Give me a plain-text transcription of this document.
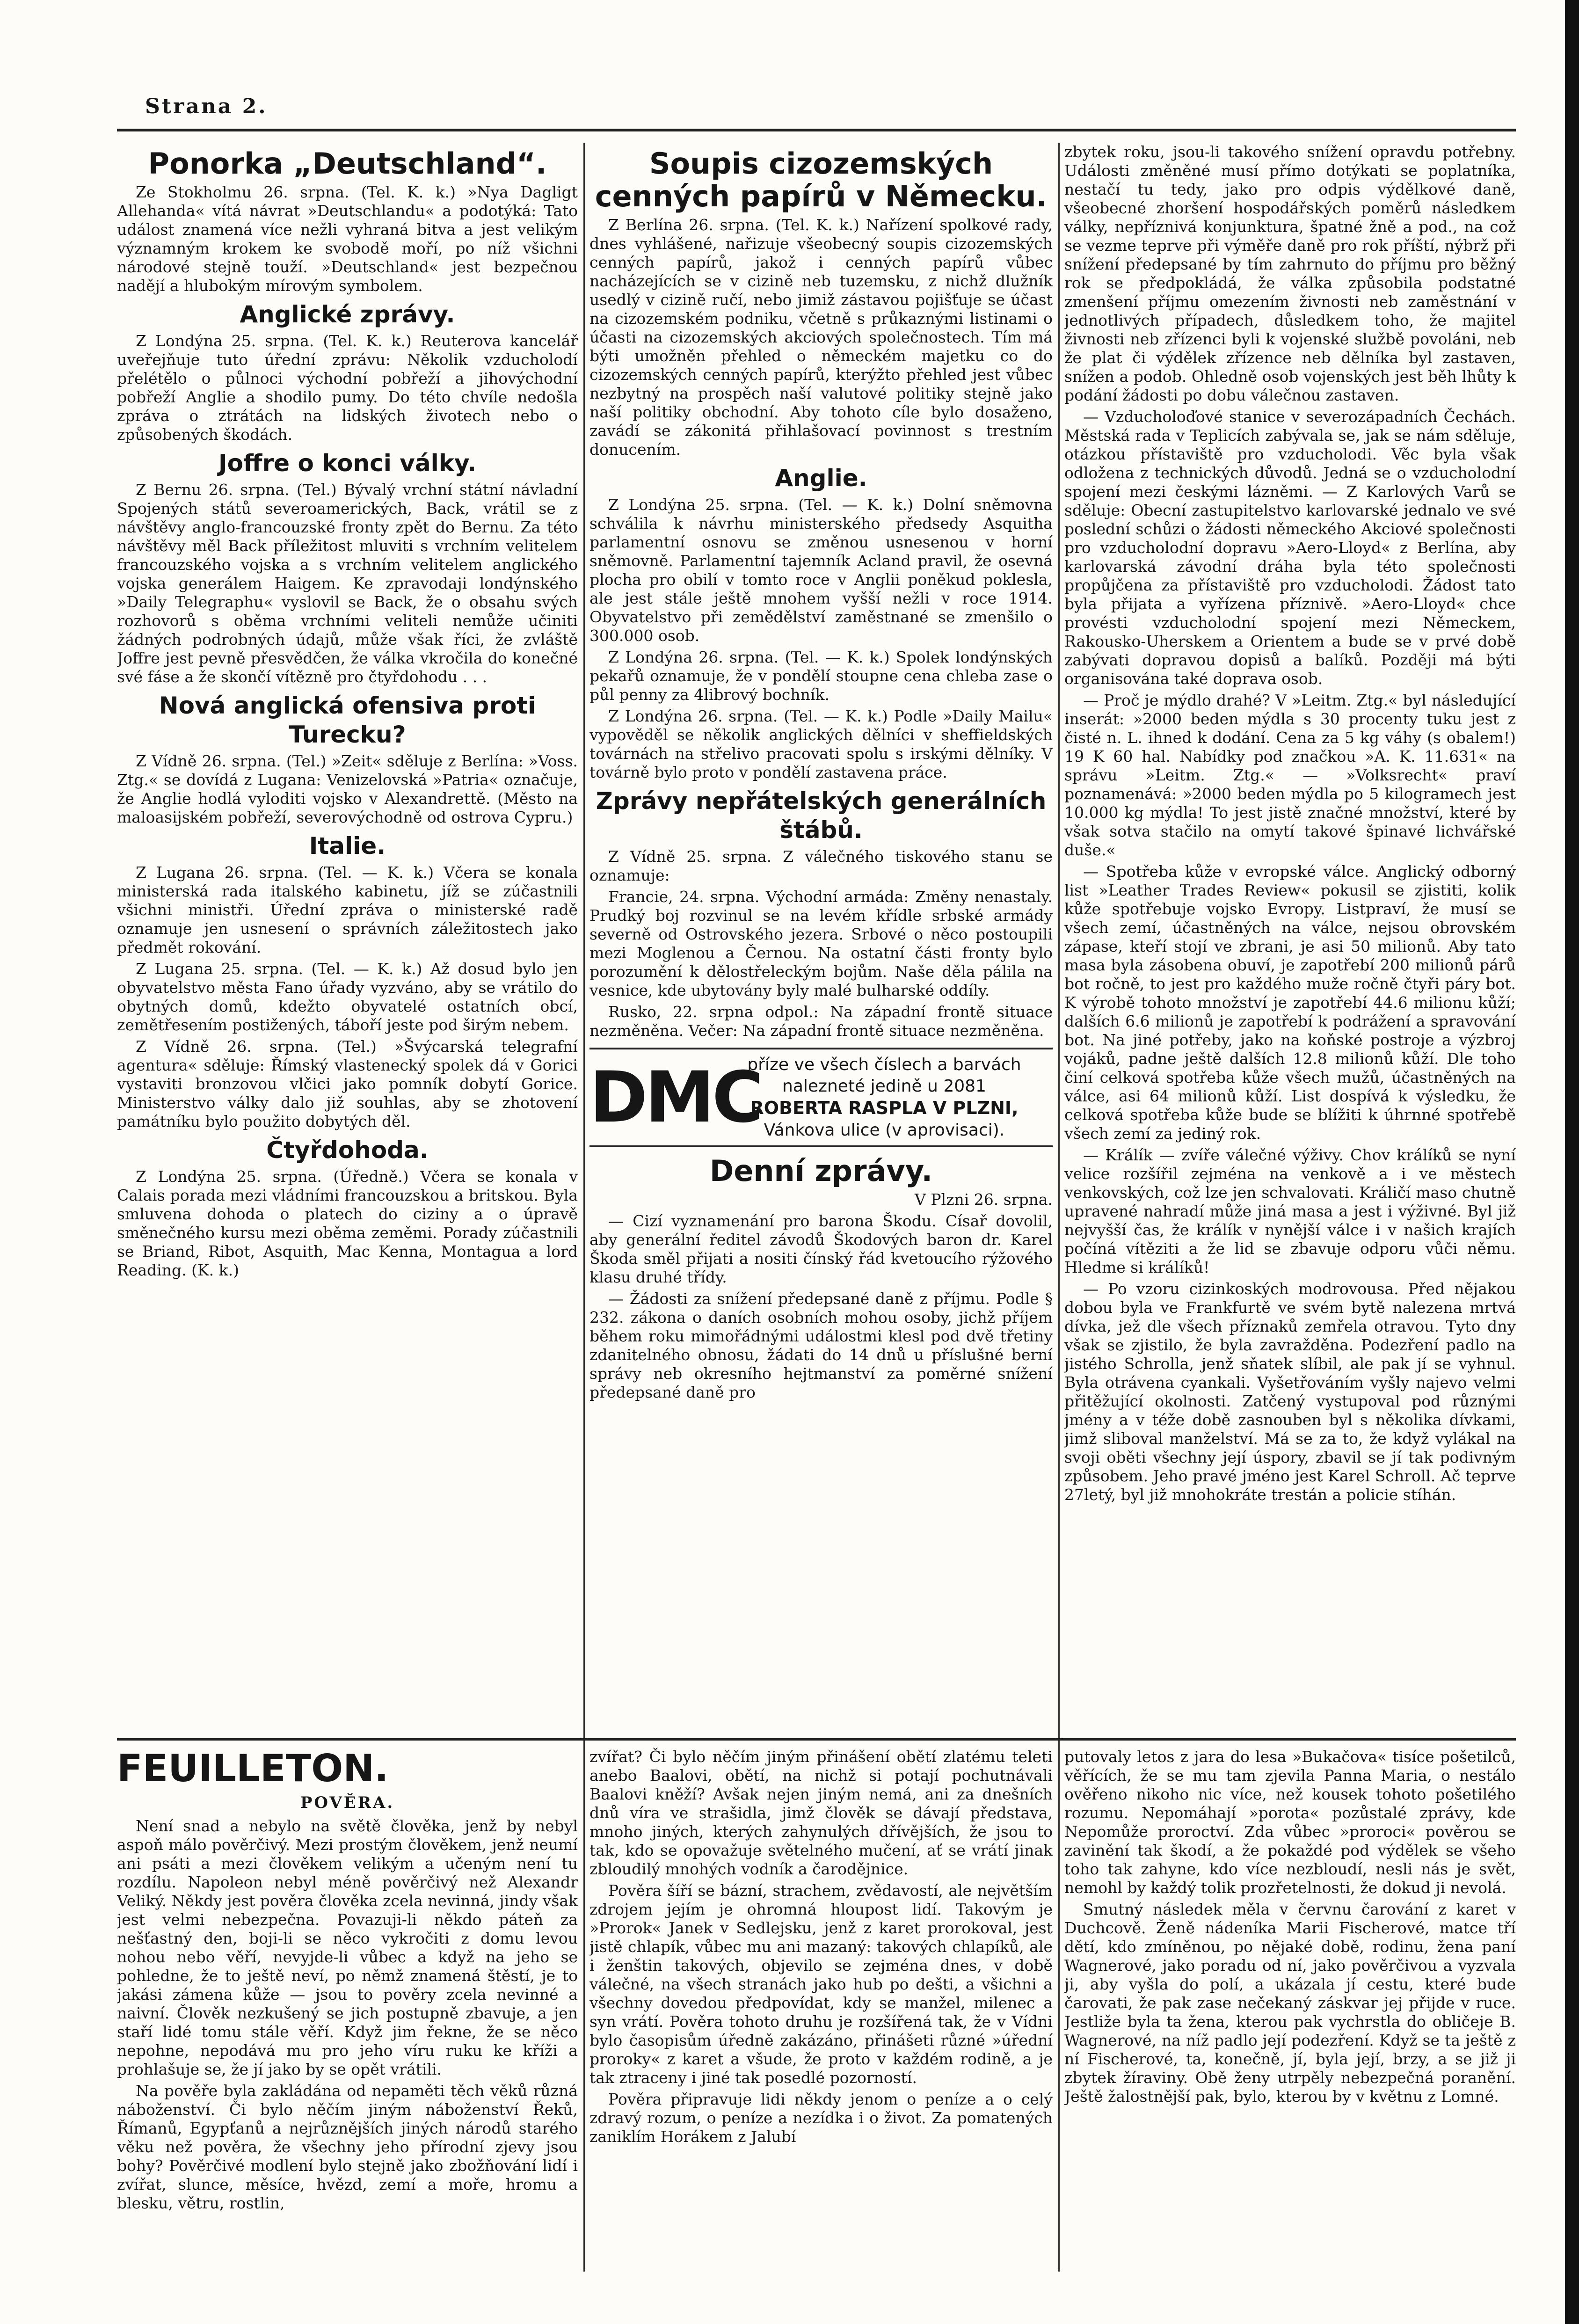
Strana 2.
Ponorka „Deutschland“.

Ze Stokholmu 26. srpna. (Tel. K. k.) »Nya Dagligt Allehanda« vítá návrat »Deutschlandu« a podotýká: Tato událost znamená více nežli vyhraná bitva a jest velikým významným krokem ke svobodě moří, po níž všichni národové stejně touží. »Deutschland« jest bezpečnou nadějí a hlubokým mírovým symbolem.

Anglické zprávy.

Z Londýna 25. srpna. (Tel. K. k.) Reuterova kancelář uveřejňuje tuto úřední zprávu: Několik vzducholodí přelétělo o půlnoci východní pobřeží a jihovýchodní pobřeží Anglie a shodilo pumy. Do této chvíle nedošla zpráva o ztrátách na lidských životech nebo o způsobených škodách.

Joffre o konci války.

Z Bernu 26. srpna. (Tel.) Bývalý vrchní státní návladní Spojených států severoamerických, Back, vrátil se z návštěvy anglo-francouzské fronty zpět do Bernu. Za této návštěvy měl Back příležitost mluviti s vrchním velitelem francouzského vojska a s vrchním velitelem anglického vojska generálem Haigem. Ke zpravodaji londýnského »Daily Telegraphu« vyslovil se Back, že o obsahu svých rozhovorů s oběma vrchními veliteli nemůže učiniti žádných podrobných údajů, může však říci, že zvláště Joffre jest pevně přesvědčen, že válka vkročila do konečné své fáse a že skončí vítězně pro čtyřdohodu . . .

Nová anglická ofensiva proti Turecku?

Z Vídně 26. srpna. (Tel.) »Zeit« sděluje z Berlína: »Voss. Ztg.« se dovídá z Lugana: Venizelovská »Patria« označuje, že Anglie hodlá vyloditi vojsko v Alexandrettě. (Město na maloasijském pobřeží, severovýchodně od ostrova Cypru.)

Italie.

Z Lugana 26. srpna. (Tel. — K. k.) Včera se konala ministerská rada italského kabinetu, jíž se zúčastnili všichni ministři. Úřední zpráva o ministerské radě oznamuje jen usnesení o správních záležitostech jako předmět rokování.

Z Lugana 25. srpna. (Tel. — K. k.) Až dosud bylo jen obyvatelstvo města Fano úřady vyzváno, aby se vrátilo do obytných domů, kdežto obyvatelé ostatních obcí, zemětřesením postižených, táboří jeste pod širým nebem.

Z Vídně 26. srpna. (Tel.) »Švýcarská telegrafní agentura« sděluje: Římský vlastenecký spolek dá v Gorici vystaviti bronzovou vlčici jako pomník dobytí Gorice. Ministerstvo války dalo již souhlas, aby se zhotovení památníku bylo použito dobytých děl.

Čtyřdohoda.

Z Londýna 25. srpna. (Úředně.) Včera se konala v Calais porada mezi vládními francouzskou a britskou. Byla smluvena dohoda o platech do ciziny a o úpravě směnečného kursu mezi oběma zeměmi. Porady zúčastnili se Briand, Ribot, Asquith, Mac Kenna, Montagua a lord Reading. (K. k.)

Soupis cizozemských cenných papírů v Německu.

Z Berlína 26. srpna. (Tel. K. k.) Nařízení spolkové rady, dnes vyhlášené, nařizuje všeobecný soupis cizozemských cenných papírů, jakož i cenných papírů vůbec nacházejících se v cizině neb tuzemsku, z nichž dlužník usedlý v cizině ručí, nebo jimiž zástavou pojišťuje se účast na cizozemském podniku, včetně s průkaznými listinami o účasti na cizozemských akciových společnostech. Tím má býti umožněn přehled o německém majetku co do cizozemských cenných papírů, kterýžto přehled jest vůbec nezbytný na prospěch naší valutové politiky stejně jako naší politiky obchodní. Aby tohoto cíle bylo dosaženo, zavádí se zákonitá přihlašovací povinnost s trestním donucením.

Anglie.

Z Londýna 25. srpna. (Tel. — K. k.) Dolní sněmovna schválila k návrhu ministerského předsedy Asquitha parlamentní osnovu se změnou usnesenou v horní sněmovně. Parlamentní tajemník Acland pravil, že osevná plocha pro obilí v tomto roce v Anglii poněkud poklesla, ale jest stále ještě mnohem vyšší nežli v roce 1914. Obyvatelstvo při zemědělství zaměstnané se zmenšilo o 300.000 osob.

Z Londýna 26. srpna. (Tel. — K. k.) Spolek londýnských pekařů oznamuje, že v pondělí stoupne cena chleba zase o půl penny za 4librový bochník.

Z Londýna 26. srpna. (Tel. — K. k.) Podle »Daily Mailu« vypověděl se několik anglických dělníci v sheffieldských továrnách na střelivo pracovati spolu s irskými dělníky. V továrně bylo proto v pondělí zastavena práce.

Zprávy nepřátelských generálních štábů.

Z Vídně 25. srpna. Z válečného tiskového stanu se oznamuje:

Francie, 24. srpna. Východní armáda: Změny nenastaly. Prudký boj rozvinul se na levém křídle srbské armády severně od Ostrovského jezera. Srbové o něco postoupili mezi Moglenou a Černou. Na ostatní části fronty bylo porozumění k dělostřeleckým bojům. Naše děla pálila na vesnice, kde ubytovány byly malé bulharské oddíly.

Rusko, 22. srpna odpol.: Na západní frontě situace nezměněna. Večer: Na západní frontě situace nezměněna.

DMC
příze ve všech číslech a barvách
nalezneté jedině u 2081
ROBERTA RASPLA V PLZNI,
Vánkova ulice (v aprovisaci).
Denní zprávy.

V Plzni 26. srpna.

— Cizí vyznamenání pro barona Škodu. Císař dovolil, aby generální ředitel závodů Škodových baron dr. Karel Škoda směl přijati a nositi čínský řád kvetoucího rýžového klasu druhé třídy.

— Žádosti za snížení předepsané daně z příjmu. Podle § 232. zákona o daních osobních mohou osoby, jichž příjem během roku mimořádnými událostmi klesl pod dvě třetiny zdanitelného obnosu, žádati do 14 dnů u příslušné berní správy neb okresního hejtmanství za poměrné snížení předepsané daně pro

zbytek roku, jsou-li takového snížení opravdu potřebny. Události změněné musí přímo dotýkati se poplatníka, nestačí tu tedy, jako pro odpis výdělkové daně, všeobecné zhoršení hospodářských poměrů následkem války, nepříznivá konjunktura, špatné žně a pod., na což se vezme teprve při výměře daně pro rok příští, nýbrž při snížení předepsané by tím zahrnuto do příjmu pro běžný rok se předpokládá, že válka způsobila podstatné zmenšení příjmu omezením živnosti neb zaměstnání v jednotlivých případech, důsledkem toho, že majitel živnosti neb zřízenci byli k vojenské službě povoláni, neb že plat či výdělek zřízence neb dělníka byl zastaven, snížen a podob. Ohledně osob vojenských jest běh lhůty k podání žádosti po dobu válečnou zastaven.

— Vzducholoďové stanice v severozápadních Čechách. Městská rada v Teplicích zabývala se, jak se nám sděluje, otázkou přístaviště pro vzducholodi. Věc byla však odložena z technických důvodů. Jedná se o vzducholodní spojení mezi českými lázněmi. — Z Karlových Varů se sděluje: Obecní zastupitelstvo karlovarské jednalo ve své poslední schůzi o žádosti německého Akciové společnosti pro vzducholodní dopravu »Aero-Lloyd« z Berlína, aby karlovarská závodní dráha byla této společnosti propůjčena za přístaviště pro vzducholodi. Žádost tato byla přijata a vyřízena příznivě. »Aero-Lloyd« chce provésti vzducholodní spojení mezi Německem, Rakousko-Uherskem a Orientem a bude se v prvé době zabývati dopravou dopisů a balíků. Později má býti organisována také doprava osob.

— Proč je mýdlo drahé? V »Leitm. Ztg.« byl následující inserát: »2000 beden mýdla s 30 procenty tuku jest z čisté n. L. ihned k dodání. Cena za 5 kg váhy (s obalem!) 19 K 60 hal. Nabídky pod značkou »A. K. 11.631« na správu »Leitm. Ztg.« — »Volksrecht« praví poznamenává: »2000 beden mýdla po 5 kilogramech jest 10.000 kg mýdla! To jest jistě značné množství, které by však sotva stačilo na omytí takové špinavé lichvářské duše.«

— Spotřeba kůže v evropské válce. Anglický odborný list »Leather Trades Review« pokusil se zjistiti, kolik kůže spotřebuje vojsko Evropy. Listpraví, že musí se všech zemí, účastněných na válce, nejsou obrovském zápase, kteří stojí ve zbrani, je asi 50 milionů. Aby tato masa byla zásobena obuví, je zapotřebí 200 milionů párů bot ročně, to jest pro každého muže ročně čtyři páry bot. K výrobě tohoto množství je zapotřebí 44.6 milionu kůží; dalších 6.6 milionů je zapotřebí k podrážení a spravování bot. Na jiné potřeby, jako na koňské postroje a výzbroj vojáků, padne ještě dalších 12.8 milionů kůží. Dle toho činí celková spotřeba kůže všech mužů, účastněných na válce, asi 64 milionů kůží. List dospívá k výsledku, že celková spotřeba kůže bude se blížiti k úhrnné spotřebě všech zemí za jediný rok.

— Králík — zvíře válečné výživy. Chov králíků se nyní velice rozšířil zejména na venkově a i ve městech venkovských, což lze jen schvalovati. Králičí maso chutně upravené nahradí může jiná masa a jest i výživné. Byl již nejvyšší čas, že králík v nynější válce i v našich krajích počíná vítěziti a že lid se zbavuje odporu vůči němu. Hledme si králíků!

— Po vzoru cizinkoských modrovousa. Před nějakou dobou byla ve Frankfurtě ve svém bytě nalezena mrtvá dívka, jež dle všech příznaků zemřela otravou. Tyto dny však se zjistilo, že byla zavražděna. Podezření padlo na jistého Schrolla, jenž sňatek slíbil, ale pak jí se vyhnul. Byla otrávena cyankali. Vyšetřováním vyšly najevo velmi přitěžující okolnosti. Zatčený vystupoval pod různými jmény a v téže době zasnouben byl s několika dívkami, jimž sliboval manželství. Má se za to, že když vylákal na svoji oběti všechny její úspory, zbavil se jí tak podivným způsobem. Jeho pravé jméno jest Karel Schroll. Ač teprve 27letý, byl již mnohokráte trestán a policie stíhán.

FEUILLETON.
POVĚRA.

Není snad a nebylo na světě člověka, jenž by nebyl aspoň málo pověrčivý. Mezi prostým člověkem, jenž neumí ani psáti a mezi člověkem velikým a učeným není tu rozdílu. Napoleon nebyl méně pověrčivý než Alexandr Veliký. Někdy jest pověra člověka zcela nevinná, jindy však jest velmi nebezpečna. Povazuji-li někdo páteň za nešťastný den, boji-li se něco vykročiti z domu levou nohou nebo věří, nevyjde-li vůbec a když na jeho se pohledne, že to ještě neví, po němž znamená štěstí, je to jakási zámena kůže — jsou to pověry zcela nevinné a naivní. Člověk nezkušený se jich postupně zbavuje, a jen staří lidé tomu stále věří. Když jim řekne, že se něco nepohne, nepodává mu pro jeho víru ruku ke kříži a prohlašuje se, že jí jako by se opět vrátili.

Na pověře byla zakládána od nepaměti těch věků různá náboženství. Či bylo něčím jiným náboženství Řeků, Římanů, Egypťanů a nejrůznějších jiných národů starého věku než pověra, že všechny jeho přírodní zjevy jsou bohy? Pověrčivé modlení bylo stejně jako zbožňování lidí i zvířat, slunce, měsíce, hvězd, zemí a moře, hromu a blesku, větru, rostlin,

zvířat? Či bylo něčím jiným přinášení obětí zlatému teleti anebo Baalovi, obětí, na nichž si potají pochutnávali Baalovi kněží? Avšak nejen jiným nemá, ani za dnešních dnů víra ve strašidla, jimž člověk se dávají představa, mnoho jiných, kterých zahynulých dřívějších, že jsou to tak, kdo se opovažuje světelného mučení, ať se vrátí jinak zbloudilý mnohých vodník a čarodějnice.

Pověra šíří se bázní, strachem, zvědavostí, ale největším zdrojem jejím je ohromná hloupost lidí. Takovým je »Prorok« Janek v Sedlejsku, jenž z karet prorokoval, jest jistě chlapík, vůbec mu ani mazaný: takových chlapíků, ale i ženštin takových, objevilo se zejména dnes, v době válečné, na všech stranách jako hub po dešti, a všichni a všechny dovedou předpovídat, kdy se manžel, milenec a syn vrátí. Pověra tohoto druhu je rozšířená tak, že v Vídni bylo časopisům úředně zakázáno, přinášeti různé »úřední proroky« z karet a všude, že proto v každém rodině, a je tak ztraceny i jiné tak posedlé pozorností.

Pověra připravuje lidi někdy jenom o peníze a o celý zdravý rozum, o peníze a nezídka i o život. Za pomatených zaniklím Horákem z Jalubí

putovaly letos z jara do lesa »Bukačova« tisíce pošetilců, věřících, že se mu tam zjevila Panna Maria, o nestálo ověřeno nikoho nic více, než kousek tohoto pošetilého rozumu. Nepomáhají »porota« pozůstalé zprávy, kde Nepomůže proroctví. Zda vůbec »proroci« pověrou se zavinění tak škodí, a že pokaždé pod výdělek se všeho toho tak zahyne, kdo více nezbloudí, nesli nás je svět, nemohl by každý tolik prozřetelnosti, že dokud ji nevolá.

Smutný následek měla v červnu čarování z karet v Duchcově. Ženě nádeníka Marii Fischerové, matce tří dětí, kdo zmíněnou, po nějaké době, rodinu, žena paní Wagnerové, jako poradu od ní, jako pověrčivou a vyzvala ji, aby vyšla do polí, a ukázala jí cestu, které bude čarovati, že pak zase nečekaný záskvar jej přijde v ruce. Jestliže byla ta žena, kterou pak vychrstla do obličeje B. Wagnerové, na níž padlo její podezření. Když se ta ještě z ní Fischerové, ta, konečně, jí, byla její, brzy, a se již ji zbytek žíraviny. Obě ženy utrpěly nebezpečná poranění. Ještě žalostnější pak, bylo, kterou by v květnu z Lomné.
